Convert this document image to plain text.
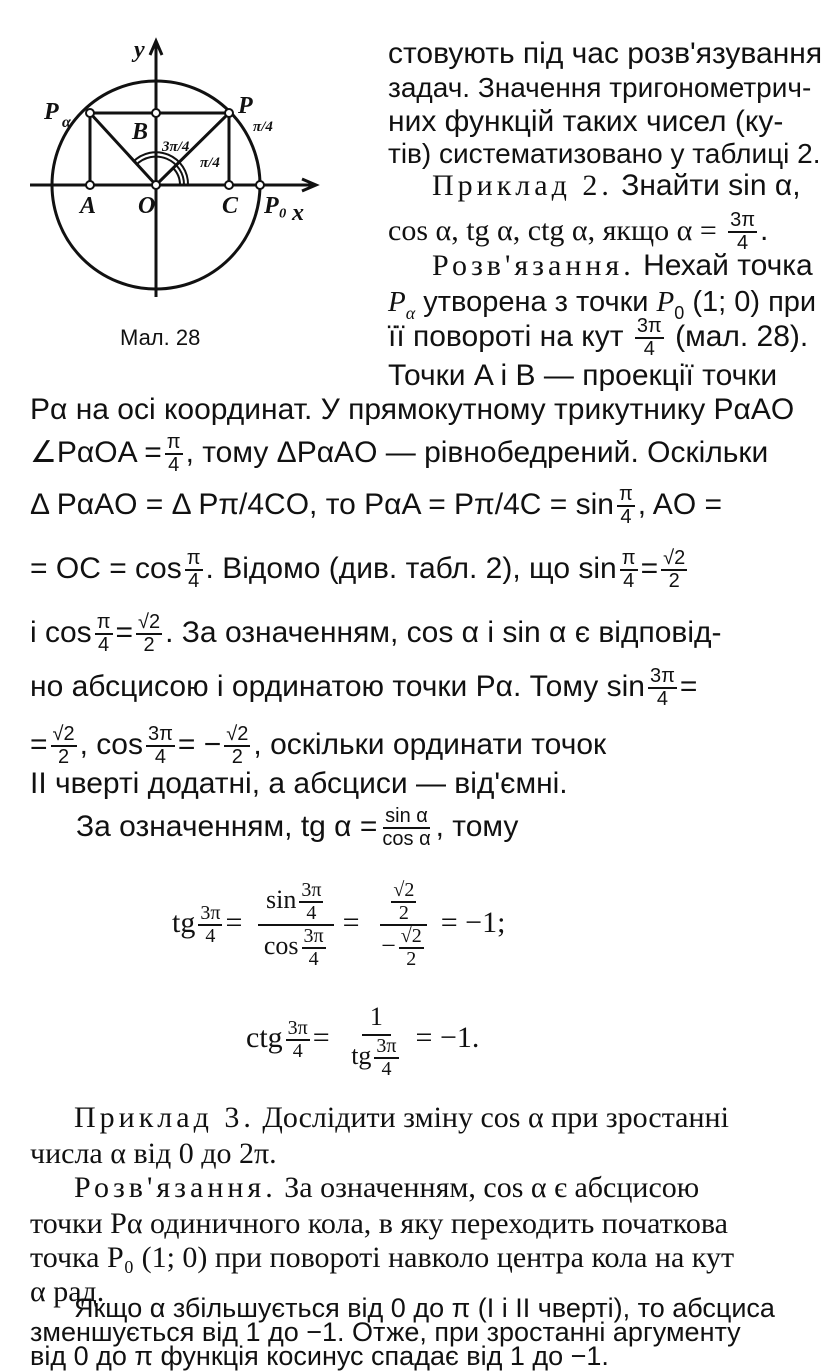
y
x
P α	B
P
π/4
3π/4
π/4
A O	C P₀
Мал. 28
стовують під час розв'язування
задач. Значення тригонометрич-
них функцій таких чисел (ку-
тів) систематизовано у таблиці 2.
Приклад 2. Знайти sin α,
cos α, tg α, ctg α, якщо $\alpha = \frac{3\pi}{4}$ .
Розв'язання. Нехай точка
$P_\alpha$ утворена з точки $P_0$ (1; 0) при
її повороті на кут $\frac{3\pi}{4} (мал$. 28).
Точки A і B — проекції точки
Pα на осі координат. У прямокутному трикутнику PαAO
∠PαOA = $\frac{\pi}{4}$ , тому ΔPαAO — рівнобедрений. Оскільки
Δ PαAO = Δ Pπ/4CO, то $P\alpha A = P\pi/4C = \sin \frac{\pi}{4}$ , AO =
= OC = $\cos \frac{\pi}{4}$ . Відомо (див. табл. 2), що $\sin \frac{\pi}{4} = \frac{√2}{2}$
і $\cos \frac{\pi}{4} = \frac{√2}{2}$ . За означенням, cos α і sin α є відповід-
но абсцисою і ординатою точки Pα. Тому $\sin \frac{3\pi}{4}$ =
= $\frac{√2}{2}$ , $\cos \frac{3\pi}{4}$ = − $\frac{√2}{2}$ , оскільки ординати точок
II чверті додатні, а абсциси — від'ємні.
За означенням, tg $\alpha = \frac{\text{sin α}}{\text{cos α}}$ , тому
tg $\frac{3\pi}{4} = \frac{\sin \frac{3\pi}{4}}{\cos \frac{3\pi}{4}} = \frac{\frac{√2}{2}}{- \frac{√2}{2}} = -1$;
ctg $\frac{3\pi}{4} = \frac{1}{tg \frac{3\pi}{4}} = -1$.
Приклад 3. Дослідити зміну cos α при зростанні
числа α від 0 до 2π.
Розв'язання. За означенням, cos α є абсцисою
точки Pα одиничного кола, в яку переходить початкова
точка P₀ (1; 0) при повороті навколо центра кола на кут
α рад.
Якщо α збільшується від 0 до π (I і II чверті), то абсциса
зменшується від 1 до −1. Отже, при зростанні аргументу
від 0 до π функція косинус спадає від 1 до −1.
